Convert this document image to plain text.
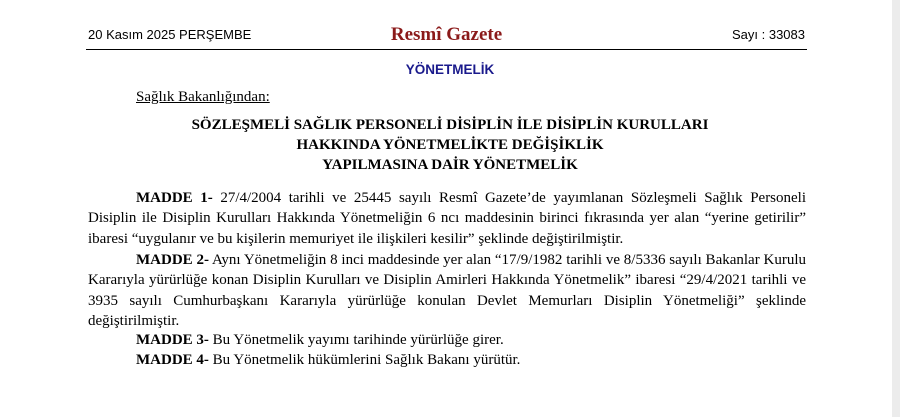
20 Kasım 2025 PERŞEMBE	Resmî Gazete	Sayı : 33083
YÖNETMELİK
Sağlık Bakanlığından:
SÖZLEŞMELİ SAĞLIK PERSONELİ DİSİPLİN İLE DİSİPLİN KURULLARI
HAKKINDA YÖNETMELİKTE DEĞİŞİKLİK
YAPILMASINA DAİR YÖNETMELİK
MADDE 1- 27/4/2004 tarihli ve 25445 sayılı Resmî Gazete’de yayımlanan Sözleşmeli Sağlık Personeli Disiplin ile Disiplin Kurulları Hakkında Yönetmeliğin 6 ncı maddesinin birinci fıkrasında yer alan “yerine getirilir” ibaresi “uygulanır ve bu kişilerin memuriyet ile ilişkileri kesilir” şeklinde değiştirilmiştir.
MADDE 2- Aynı Yönetmeliğin 8 inci maddesinde yer alan “17/9/1982 tarihli ve 8/5336 sayılı Bakanlar Kurulu Kararıyla yürürlüğe konan Disiplin Kurulları ve Disiplin Amirleri Hakkında Yönetmelik” ibaresi “29/4/2021 tarihli ve 3935 sayılı Cumhurbaşkanı Kararıyla yürürlüğe konulan Devlet Memurları Disiplin Yönetmeliği” şeklinde değiştirilmiştir.
MADDE 3- Bu Yönetmelik yayımı tarihinde yürürlüğe girer.
MADDE 4- Bu Yönetmelik hükümlerini Sağlık Bakanı yürütür.
